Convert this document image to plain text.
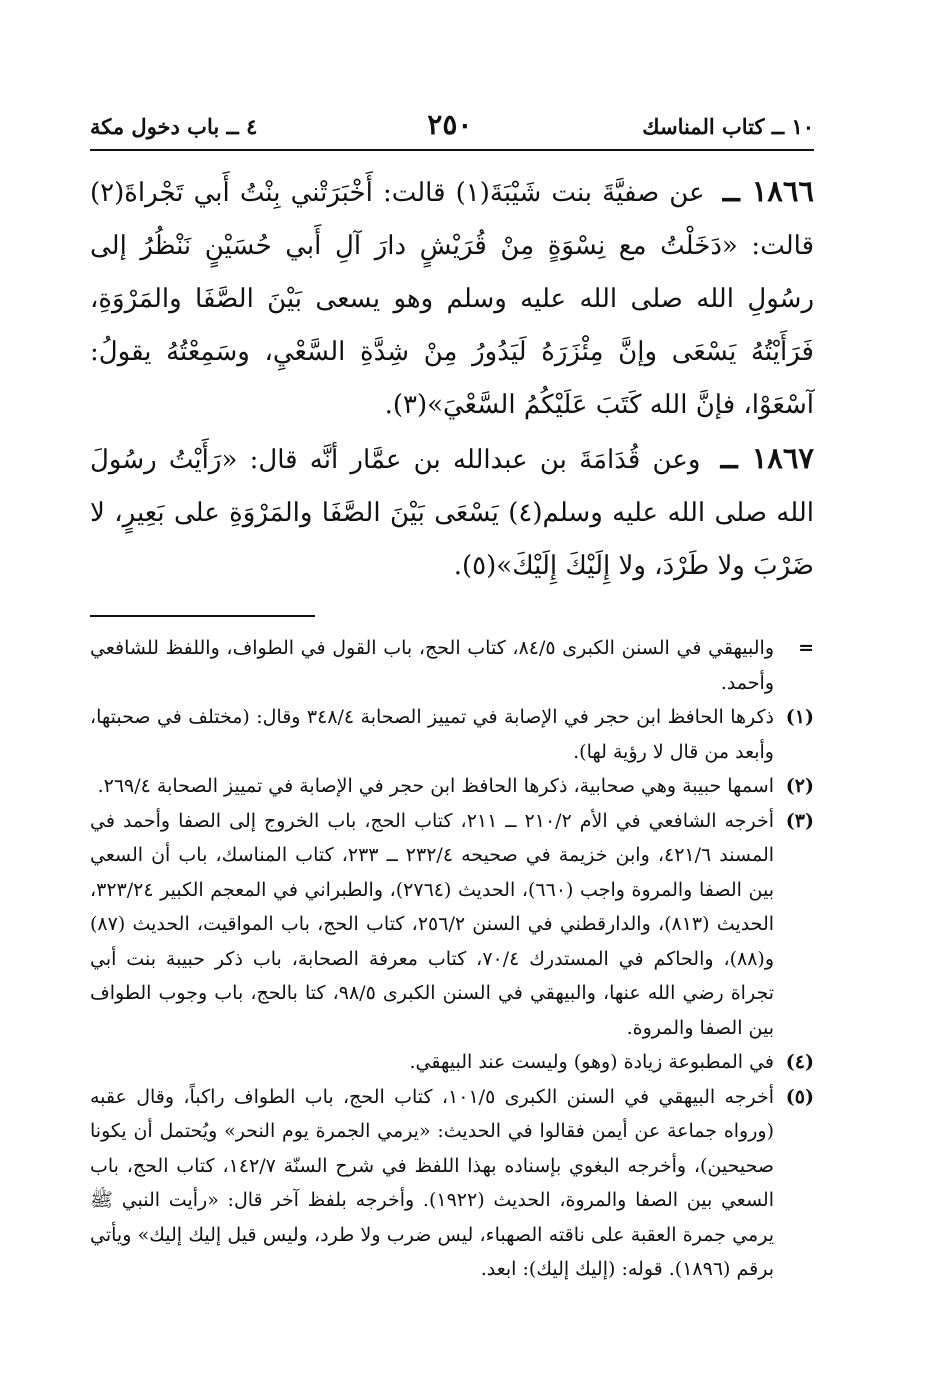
١٠ ــ كتاب المناسك
٢٥٠
٤ ــ باب دخول مكة

١٨٦٦ ــ عن صفيَّةَ بنت شَيْبَةَ(١) قالت: أَخْبَرَتْني بِنْتُ أَبي تَجْراةَ(٢) قالت: «دَخَلْتُ مع نِسْوَةٍ مِنْ قُرَيْشٍ دارَ آلِ أَبي حُسَيْنٍ نَنْظُرُ إلى رسُولِ الله صلى الله عليه وسلم وهو يسعى بَيْنَ الصَّفَا والمَرْوَةِ، فَرَأَيْتُهُ يَسْعَى وإنَّ مِئْزَرَهُ لَيَدُورُ مِنْ شِدَّةِ السَّعْيِ، وسَمِعْتُهُ يقولُ: آسْعَوْا، فإنَّ الله كَتَبَ عَلَيْكُمُ السَّعْيَ»(٣).

١٨٦٧ ــ وعن قُدَامَةَ بن عبدالله بن عمَّار أنَّه قال: «رَأَيْتُ رسُولَ الله صلى الله عليه وسلم(٤) يَسْعَى بَيْنَ الصَّفَا والمَرْوَةِ على بَعِيرٍ، لا ضَرْبَ ولا طَرْدَ، ولا إِلَيْكَ إِلَيْكَ»(٥).

=
والبيهقي في السنن الكبرى ٨٤/٥، كتاب الحج، باب القول في الطواف، واللفظ للشافعي وأحمد.

(١)
ذكرها الحافظ ابن حجر في الإصابة في تمييز الصحابة ٣٤٨/٤ وقال: (مختلف في صحبتها، وأبعد من قال لا رؤية لها).

(٢)
اسمها حبيبة وهي صحابية، ذكرها الحافظ ابن حجر في الإصابة في تمييز الصحابة ٢٦٩/٤.

(٣)
أخرجه الشافعي في الأم ٢١٠/٢ ــ ٢١١، كتاب الحج، باب الخروج إلى الصفا وأحمد في المسند ٤٢١/٦، وابن خزيمة في صحيحه ٢٣٢/٤ ــ ٢٣٣، كتاب المناسك، باب أن السعي بين الصفا والمروة واجب (٦٦٠)، الحديث (٢٧٦٤)، والطبراني في المعجم الكبير ٣٢٣/٢٤، الحديث (٨١٣)، والدارقطني في السنن ٢٥٦/٢، كتاب الحج، باب المواقيت، الحديث (٨٧) و(٨٨)، والحاكم في المستدرك ٧٠/٤، كتاب معرفة الصحابة، باب ذكر حبيبة بنت أبي تجراة رضي الله عنها، والبيهقي في السنن الكبرى ٩٨/٥، كتا بالحج، باب وجوب الطواف بين الصفا والمروة.

(٤)
في المطبوعة زيادة (وهو) وليست عند البيهقي.

(٥)
أخرجه البيهقي في السنن الكبرى ١٠١/٥، كتاب الحج، باب الطواف راكباً، وقال عقبه (ورواه جماعة عن أيمن فقالوا في الحديث: «يرمي الجمرة يوم النحر» ويُحتمل أن يكونا صحيحين)، وأخرجه البغوي بإسناده بهذا اللفظ في شرح السنّة ١٤٢/٧، كتاب الحج، باب السعي بين الصفا والمروة، الحديث (١٩٢٢). وأخرجه بلفظ آخر قال: «رأيت النبي ﷺ يرمي جمرة العقبة على ناقته الصهباء، ليس ضرب ولا طرد، وليس قيل إليك إليك» ويأتي برقم (١٨٩٦). قوله: (إليك إليك): ابعد.
